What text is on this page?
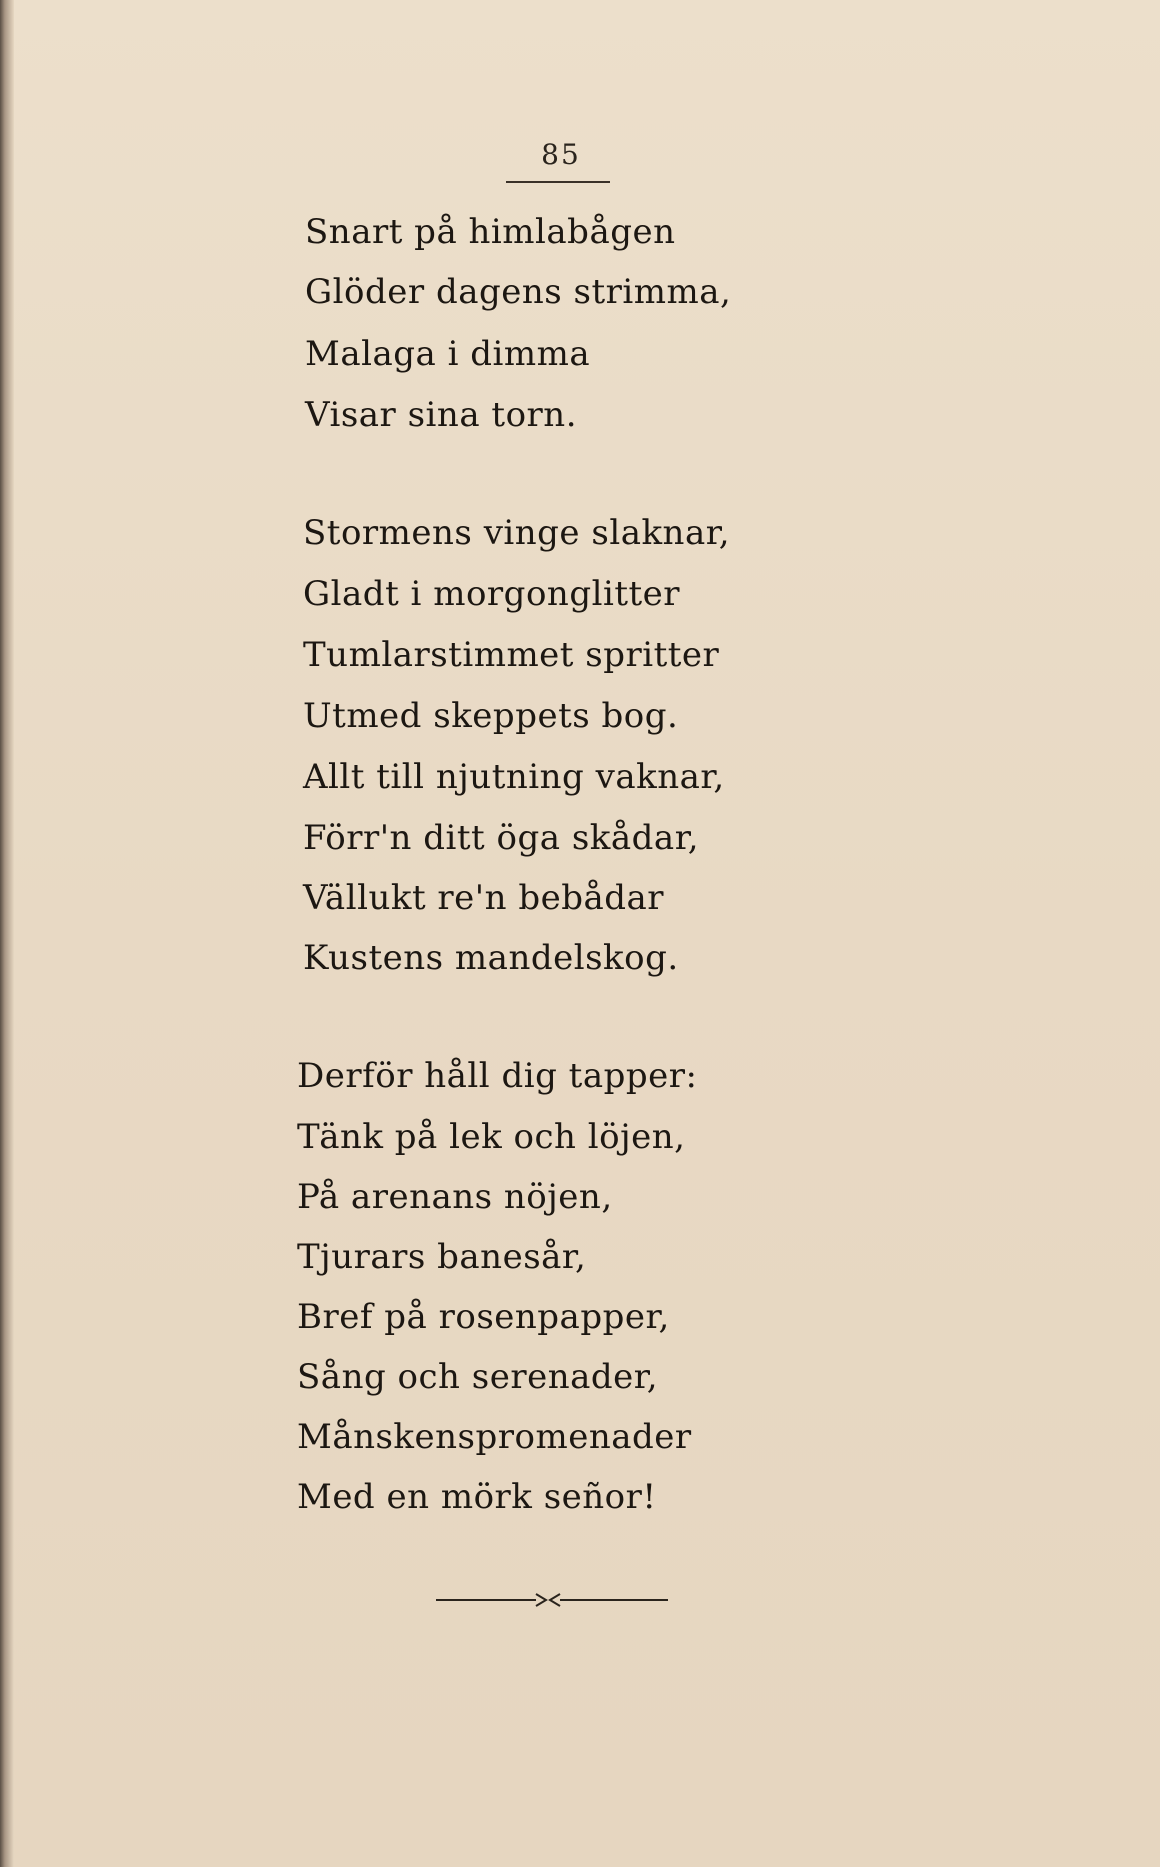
85
Snart på himlabågen
Glöder dagens strimma,
Malaga i dimma
Visar sina torn.
Stormens vinge slaknar,
Gladt i morgonglitter
Tumlarstimmet spritter
Utmed skeppets bog.
Allt till njutning vaknar,
Förr'n ditt öga skådar,
Vällukt re'n bebådar
Kustens mandelskog.
Derför håll dig tapper:
Tänk på lek och löjen,
På arenans nöjen,
Tjurars banesår,
Bref på rosenpapper,
Sång och serenader,
Månskenspromenader
Med en mörk señor!
